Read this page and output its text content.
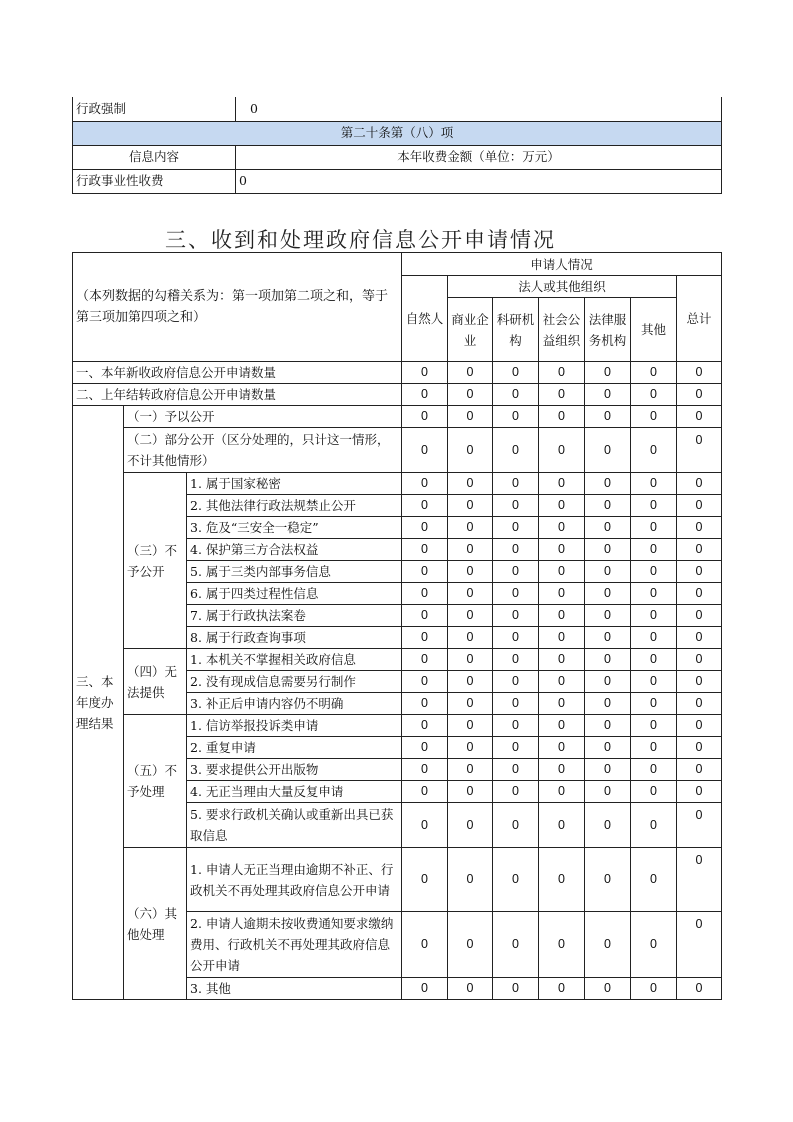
行政强制	0
第二十条第（八）项	
信息内容	本年收费金额（单位：万元）
行政事业性收费	0
三、收到和处理政府信息公开申请情况
（本列数据的勾稽关系为：第一项加第二项之和，等于第三项加第四项之和）			申请人情况						
			自然人	法人或其他组织					总计
				商业企业	科研机构	社会公益组织	法律服务机构	其他	
一、本年新收政府信息公开申请数量			0	0	0	0	0	0	0
二、上年结转政府信息公开申请数量			0	0	0	0	0	0	0
三、本年度办理结果	（一）予以公开		0	0	0	0	0	0	0
	（二）部分公开（区分处理的，只计这一情形，不计其他情形）		0	0	0	0	0	0	0
	（三）不予公开	1. 属于国家秘密	0	0	0	0	0	0	0
		2. 其他法律行政法规禁止公开	0	0	0	0	0	0	0
		3. 危及“三安全一稳定”	0	0	0	0	0	0	0
		4. 保护第三方合法权益	0	0	0	0	0	0	0
		5. 属于三类内部事务信息	0	0	0	0	0	0	0
		6. 属于四类过程性信息	0	0	0	0	0	0	0
		7. 属于行政执法案卷	0	0	0	0	0	0	0
		8. 属于行政查询事项	0	0	0	0	0	0	0
	（四）无法提供	1. 本机关不掌握相关政府信息	0	0	0	0	0	0	0
		2. 没有现成信息需要另行制作	0	0	0	0	0	0	0
		3. 补正后申请内容仍不明确	0	0	0	0	0	0	0
	（五）不予处理	1. 信访举报投诉类申请	0	0	0	0	0	0	0
		2. 重复申请	0	0	0	0	0	0	0
		3. 要求提供公开出版物	0	0	0	0	0	0	0
		4. 无正当理由大量反复申请	0	0	0	0	0	0	0
		5. 要求行政机关确认或重新出具已获取信息	0	0	0	0	0	0	0
	（六）其他处理	1. 申请人无正当理由逾期不补正、行政机关不再处理其政府信息公开申请	0	0	0	0	0	0	0
		2. 申请人逾期未按收费通知要求缴纳费用、行政机关不再处理其政府信息公开申请	0	0	0	0	0	0	0
		3. 其他	0	0	0	0	0	0	0
